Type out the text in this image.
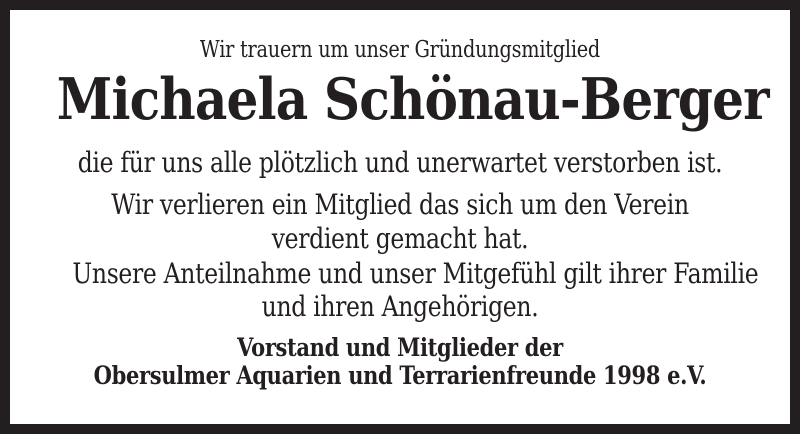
Wir trauern um unser Gründungsmitglied
Michaela Schönau-Berger
die für uns alle plötzlich und unerwartet verstorben ist.
Wir verlieren ein Mitglied das sich um den Verein
verdient gemacht hat.
Unsere Anteilnahme und unser Mitgefühl gilt ihrer Familie
und ihren Angehörigen.
Vorstand und Mitglieder der
Obersulmer Aquarien und Terrarienfreunde 1998 e.V.
